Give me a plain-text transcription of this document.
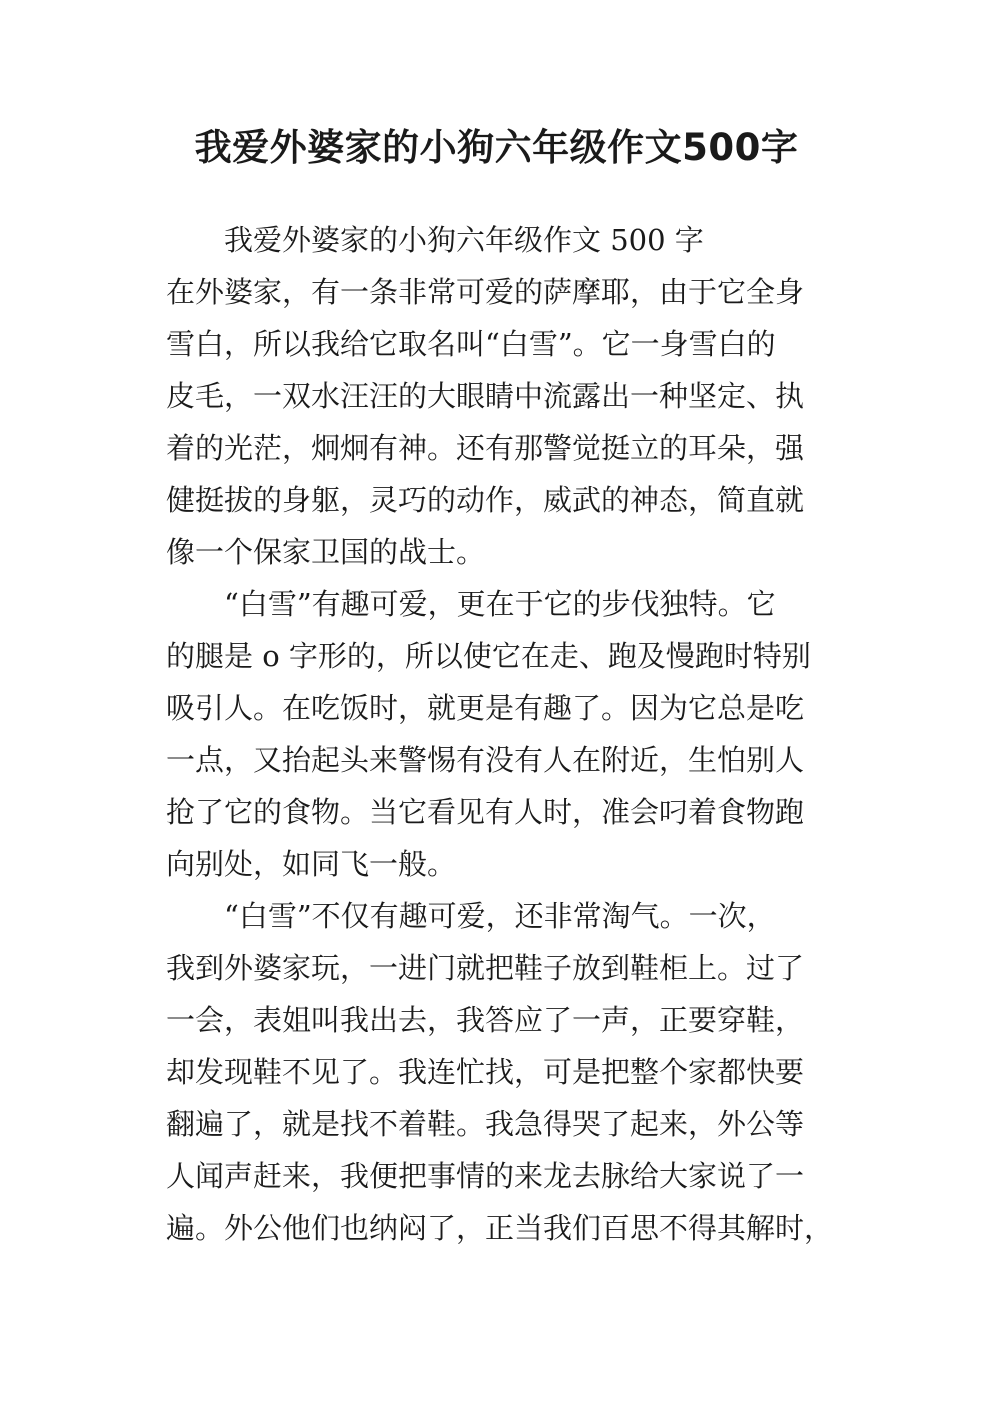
我爱外婆家的小狗六年级作文500字
我爱外婆家的小狗六年级作文 500 字
在外婆家，有一条非常可爱的萨摩耶，由于它全身
雪白，所以我给它取名叫“白雪”。它一身雪白的
皮毛，一双水汪汪的大眼睛中流露出一种坚定、执
着的光茫，炯炯有神。还有那警觉挺立的耳朵，强
健挺拔的身躯，灵巧的动作，威武的神态，简直就
像一个保家卫国的战士。
“白雪”有趣可爱，更在于它的步伐独特。它
的腿是 o 字形的，所以使它在走、跑及慢跑时特别
吸引人。在吃饭时，就更是有趣了。因为它总是吃
一点，又抬起头来警惕有没有人在附近，生怕别人
抢了它的食物。当它看见有人时，准会叼着食物跑
向别处，如同飞一般。
“白雪”不仅有趣可爱，还非常淘气。一次，
我到外婆家玩，一进门就把鞋子放到鞋柜上。过了
一会，表姐叫我出去，我答应了一声，正要穿鞋，
却发现鞋不见了。我连忙找，可是把整个家都快要
翻遍了，就是找不着鞋。我急得哭了起来，外公等
人闻声赶来，我便把事情的来龙去脉给大家说了一
遍。外公他们也纳闷了，正当我们百思不得其解时，
